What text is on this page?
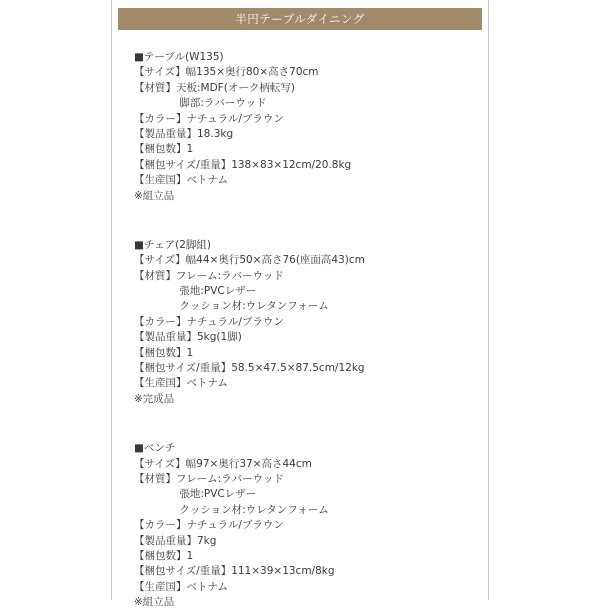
半円テーブルダイニング
■テーブル(W135)
【サイズ】幅135×奥行80×高さ70cm
【材質】天板:MDF(オーク柄転写)
　　　　 脚部:ラバーウッド
【カラー】ナチュラル/ブラウン
【製品重量】18.3kg
【梱包数】1
【梱包サイズ/重量】138×83×12cm/20.8kg
【生産国】ベトナム
※組立品
■チェア(2脚組)
【サイズ】幅44×奥行50×高さ76(座面高43)cm
【材質】フレーム:ラバーウッド
　　　　 張地:PVCレザー
　　　　 クッション材:ウレタンフォーム
【カラー】ナチュラル/ブラウン
【製品重量】5kg(1脚)
【梱包数】1
【梱包サイズ/重量】58.5×47.5×87.5cm/12kg
【生産国】ベトナム
※完成品
■ベンチ
【サイズ】幅97×奥行37×高さ44cm
【材質】フレーム:ラバーウッド
　　　　 張地:PVCレザー
　　　　 クッション材:ウレタンフォーム
【カラー】ナチュラル/ブラウン
【製品重量】7kg
【梱包数】1
【梱包サイズ/重量】111×39×13cm/8kg
【生産国】ベトナム
※組立品
